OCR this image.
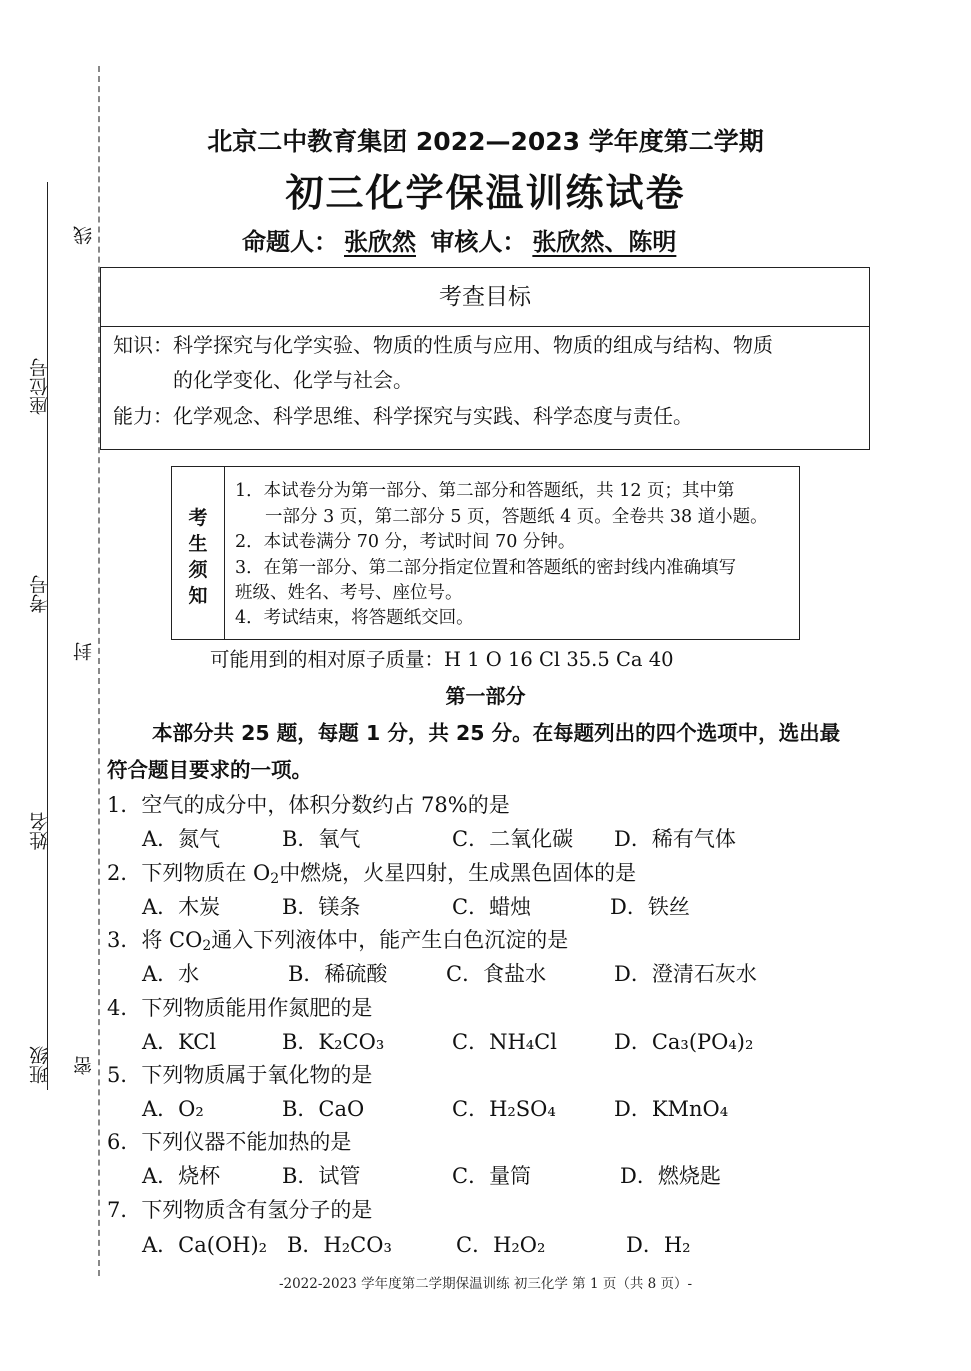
座位号
考号
姓名
班级
线
封
密
北京二中教育集团 2022—2023 学年度第二学期
初三化学保温训练试卷
命题人： 张欣然 审核人： 张欣然、陈明
考查目标
知识：科学探究与化学实验、物质的性质与应用、物质的组成与结构、物质
的化学变化、化学与社会。
能力：化学观念、科学思维、科学探究与实践、科学态度与责任。
考
生
须
知
1．本试卷分为第一部分、第二部分和答题纸，共 12 页；其中第
一部分 3 页，第二部分 5 页，答题纸 4 页。全卷共 38 道小题。
2．本试卷满分 70 分，考试时间 70 分钟。
3．在第一部分、第二部分指定位置和答题纸的密封线内准确填写
班级、姓名、考号、座位号。
4．考试结束，将答题纸交回。
可能用到的相对原子质量：H 1 O 16 Cl 35.5 Ca 40
第一部分
本部分共 25 题，每题 1 分，共 25 分。在每题列出的四个选项中，选出最
符合题目要求的一项。
1．空气的成分中，体积分数约占 78%的是
A．氮气	B．氧气	C．二氧化碳 D．稀有气体
2．下列物质在 $O_2$中燃烧，火星四射，生成黑色固体的是
A．木炭	B．镁条	C．蜡烛	D．铁丝
3．将 $CO_2$通入下列液体中，能产生白色沉淀的是
A．水	B．稀硫酸	C．食盐水	D．澄清石灰水
4．下列物质能用作氮肥的是
A．KCl	B．K₂CO₃	C．NH₄Cl	D．Ca₃(PO₄)₂
5．下列物质属于氧化物的是
A．O₂	B．CaO	C．H₂SO₄	D．KMnO₄
6．下列仪器不能加热的是
A．烧杯	B．试管	C．量筒	D．燃烧匙
7．下列物质含有氢分子的是
A．Ca(OH)₂ B．H₂CO₃	C．H₂O₂	D．H₂
-2022-2023 学年度第二学期保温训练 初三化学 第 1 页（共 8 页）-
